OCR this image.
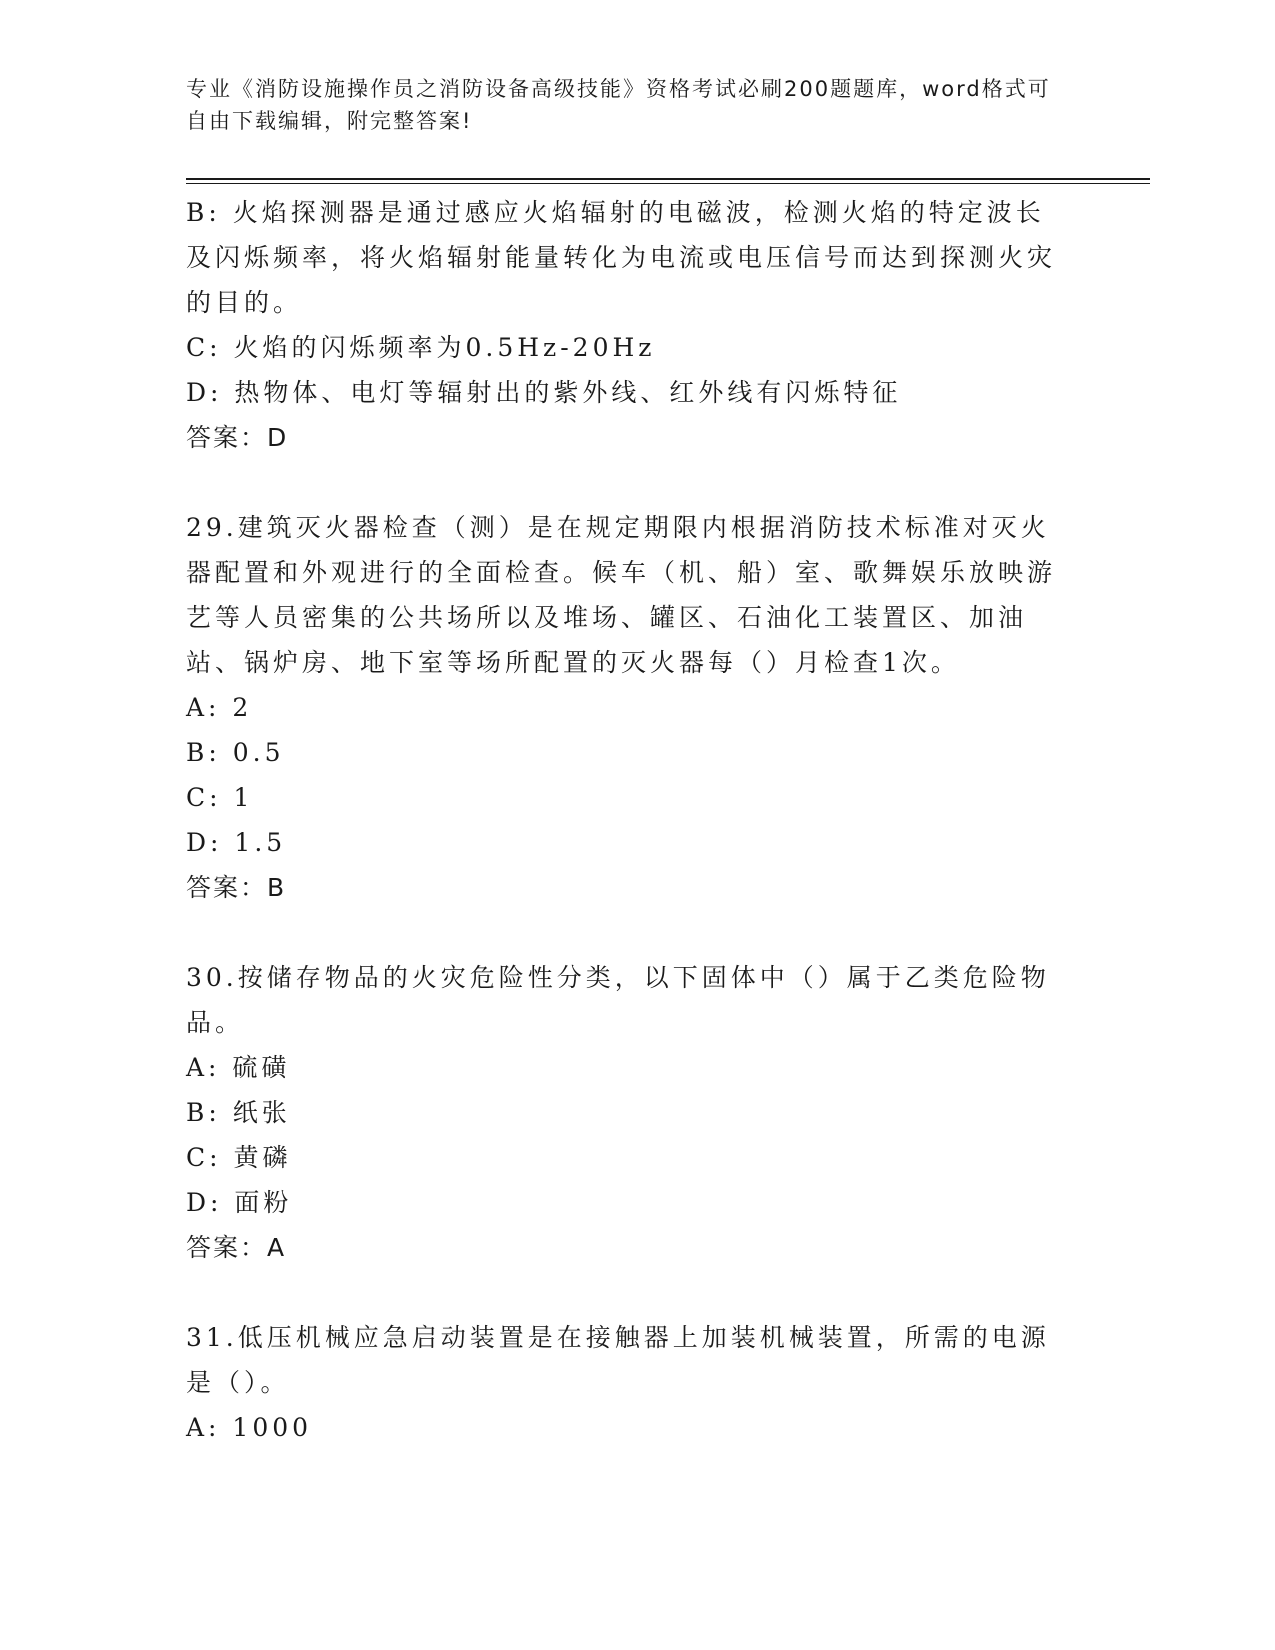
专业《消防设施操作员之消防设备高级技能》资格考试必刷200题题库，word格式可自由下载编辑，附完整答案!

B: 火焰探测器是通过感应火焰辐射的电磁波，检测火焰的特定波长及闪烁频率，将火焰辐射能量转化为电流或电压信号而达到探测火灾的目的。

C: 火焰的闪烁频率为0.5Hz-20Hz

D: 热物体、电灯等辐射出的紫外线、红外线有闪烁特征

答案：D

29.建筑灭火器检查（测）是在规定期限内根据消防技术标准对灭火器配置和外观进行的全面检查。候车（机、船）室、歌舞娱乐放映游艺等人员密集的公共场所以及堆场、罐区、石油化工装置区、加油站、锅炉房、地下室等场所配置的灭火器每（）月检查1次。

A: 2

B: 0.5

C: 1

D: 1.5

答案：B

30.按储存物品的火灾危险性分类，以下固体中（）属于乙类危险物品。

A: 硫磺

B: 纸张

C: 黄磷

D: 面粉

答案：A

31.低压机械应急启动装置是在接触器上加装机械装置，所需的电源是（）。

A: 1000
